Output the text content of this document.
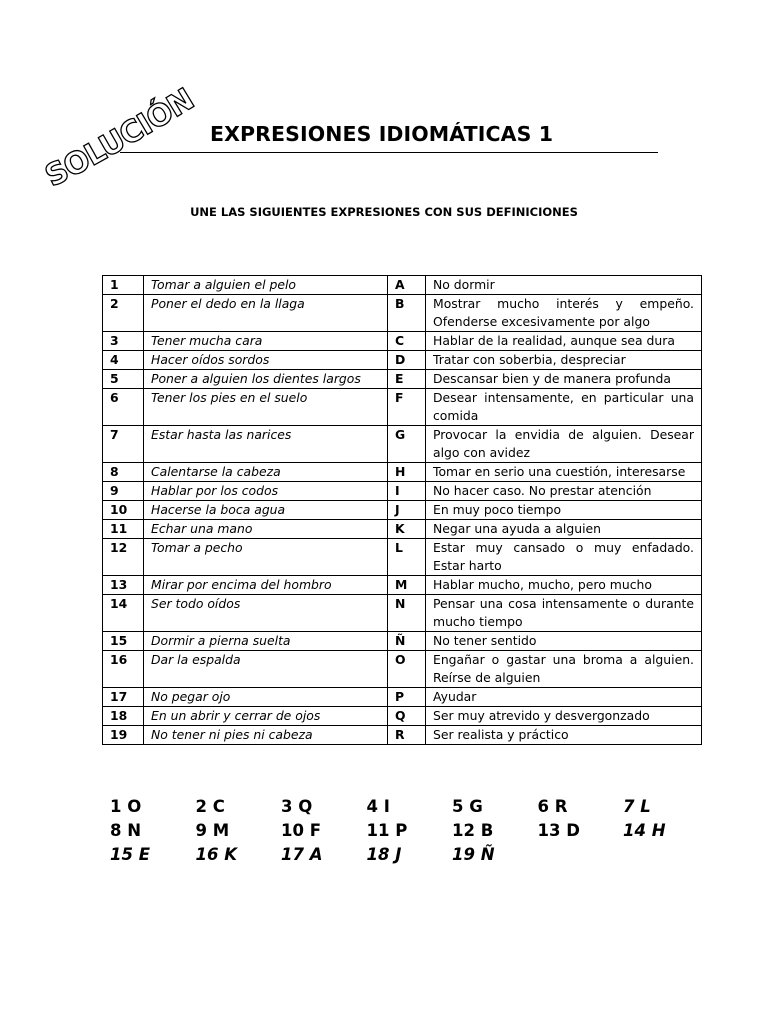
SOLUCIÓN
EXPRESIONES IDIOMÁTICAS 1
UNE LAS SIGUIENTES EXPRESIONES CON SUS DEFINICIONES
1	Tomar a alguien el pelo	A	No dormir
2	Poner el dedo en la llaga	B	Mostrar mucho interés y empeño. Ofenderse excesivamente por algo
3	Tener mucha cara	C	Hablar de la realidad, aunque sea dura
4	Hacer oídos sordos	D	Tratar con soberbia, despreciar
5	Poner a alguien los dientes largos	E	Descansar bien y de manera profunda
6	Tener los pies en el suelo	F	Desear intensamente, en particular una comida
7	Estar hasta las narices	G	Provocar la envidia de alguien. Desear algo con avidez
8	Calentarse la cabeza	H	Tomar en serio una cuestión, interesarse
9	Hablar por los codos	I	No hacer caso. No prestar atención
10	Hacerse la boca agua	J	En muy poco tiempo
11	Echar una mano	K	Negar una ayuda a alguien
12	Tomar a pecho	L	Estar muy cansado o muy enfadado. Estar harto
13	Mirar por encima del hombro	M	Hablar mucho, mucho, pero mucho
14	Ser todo oídos	N	Pensar una cosa intensamente o durante mucho tiempo
15	Dormir a pierna suelta	Ñ	No tener sentido
16	Dar la espalda	O	Engañar o gastar una broma a alguien. Reírse de alguien
17	No pegar ojo	P	Ayudar
18	En un abrir y cerrar de ojos	Q	Ser muy atrevido y desvergonzado
19	No tener ni pies ni cabeza	R	Ser realista y práctico
1 O	2 C	3 Q	4 I	5 G	6 R	7 L
8 N	9 M	10 F	11 P	12 B	13 D	14 H
15 E	16 K	17 A	18 J	19 Ñ
